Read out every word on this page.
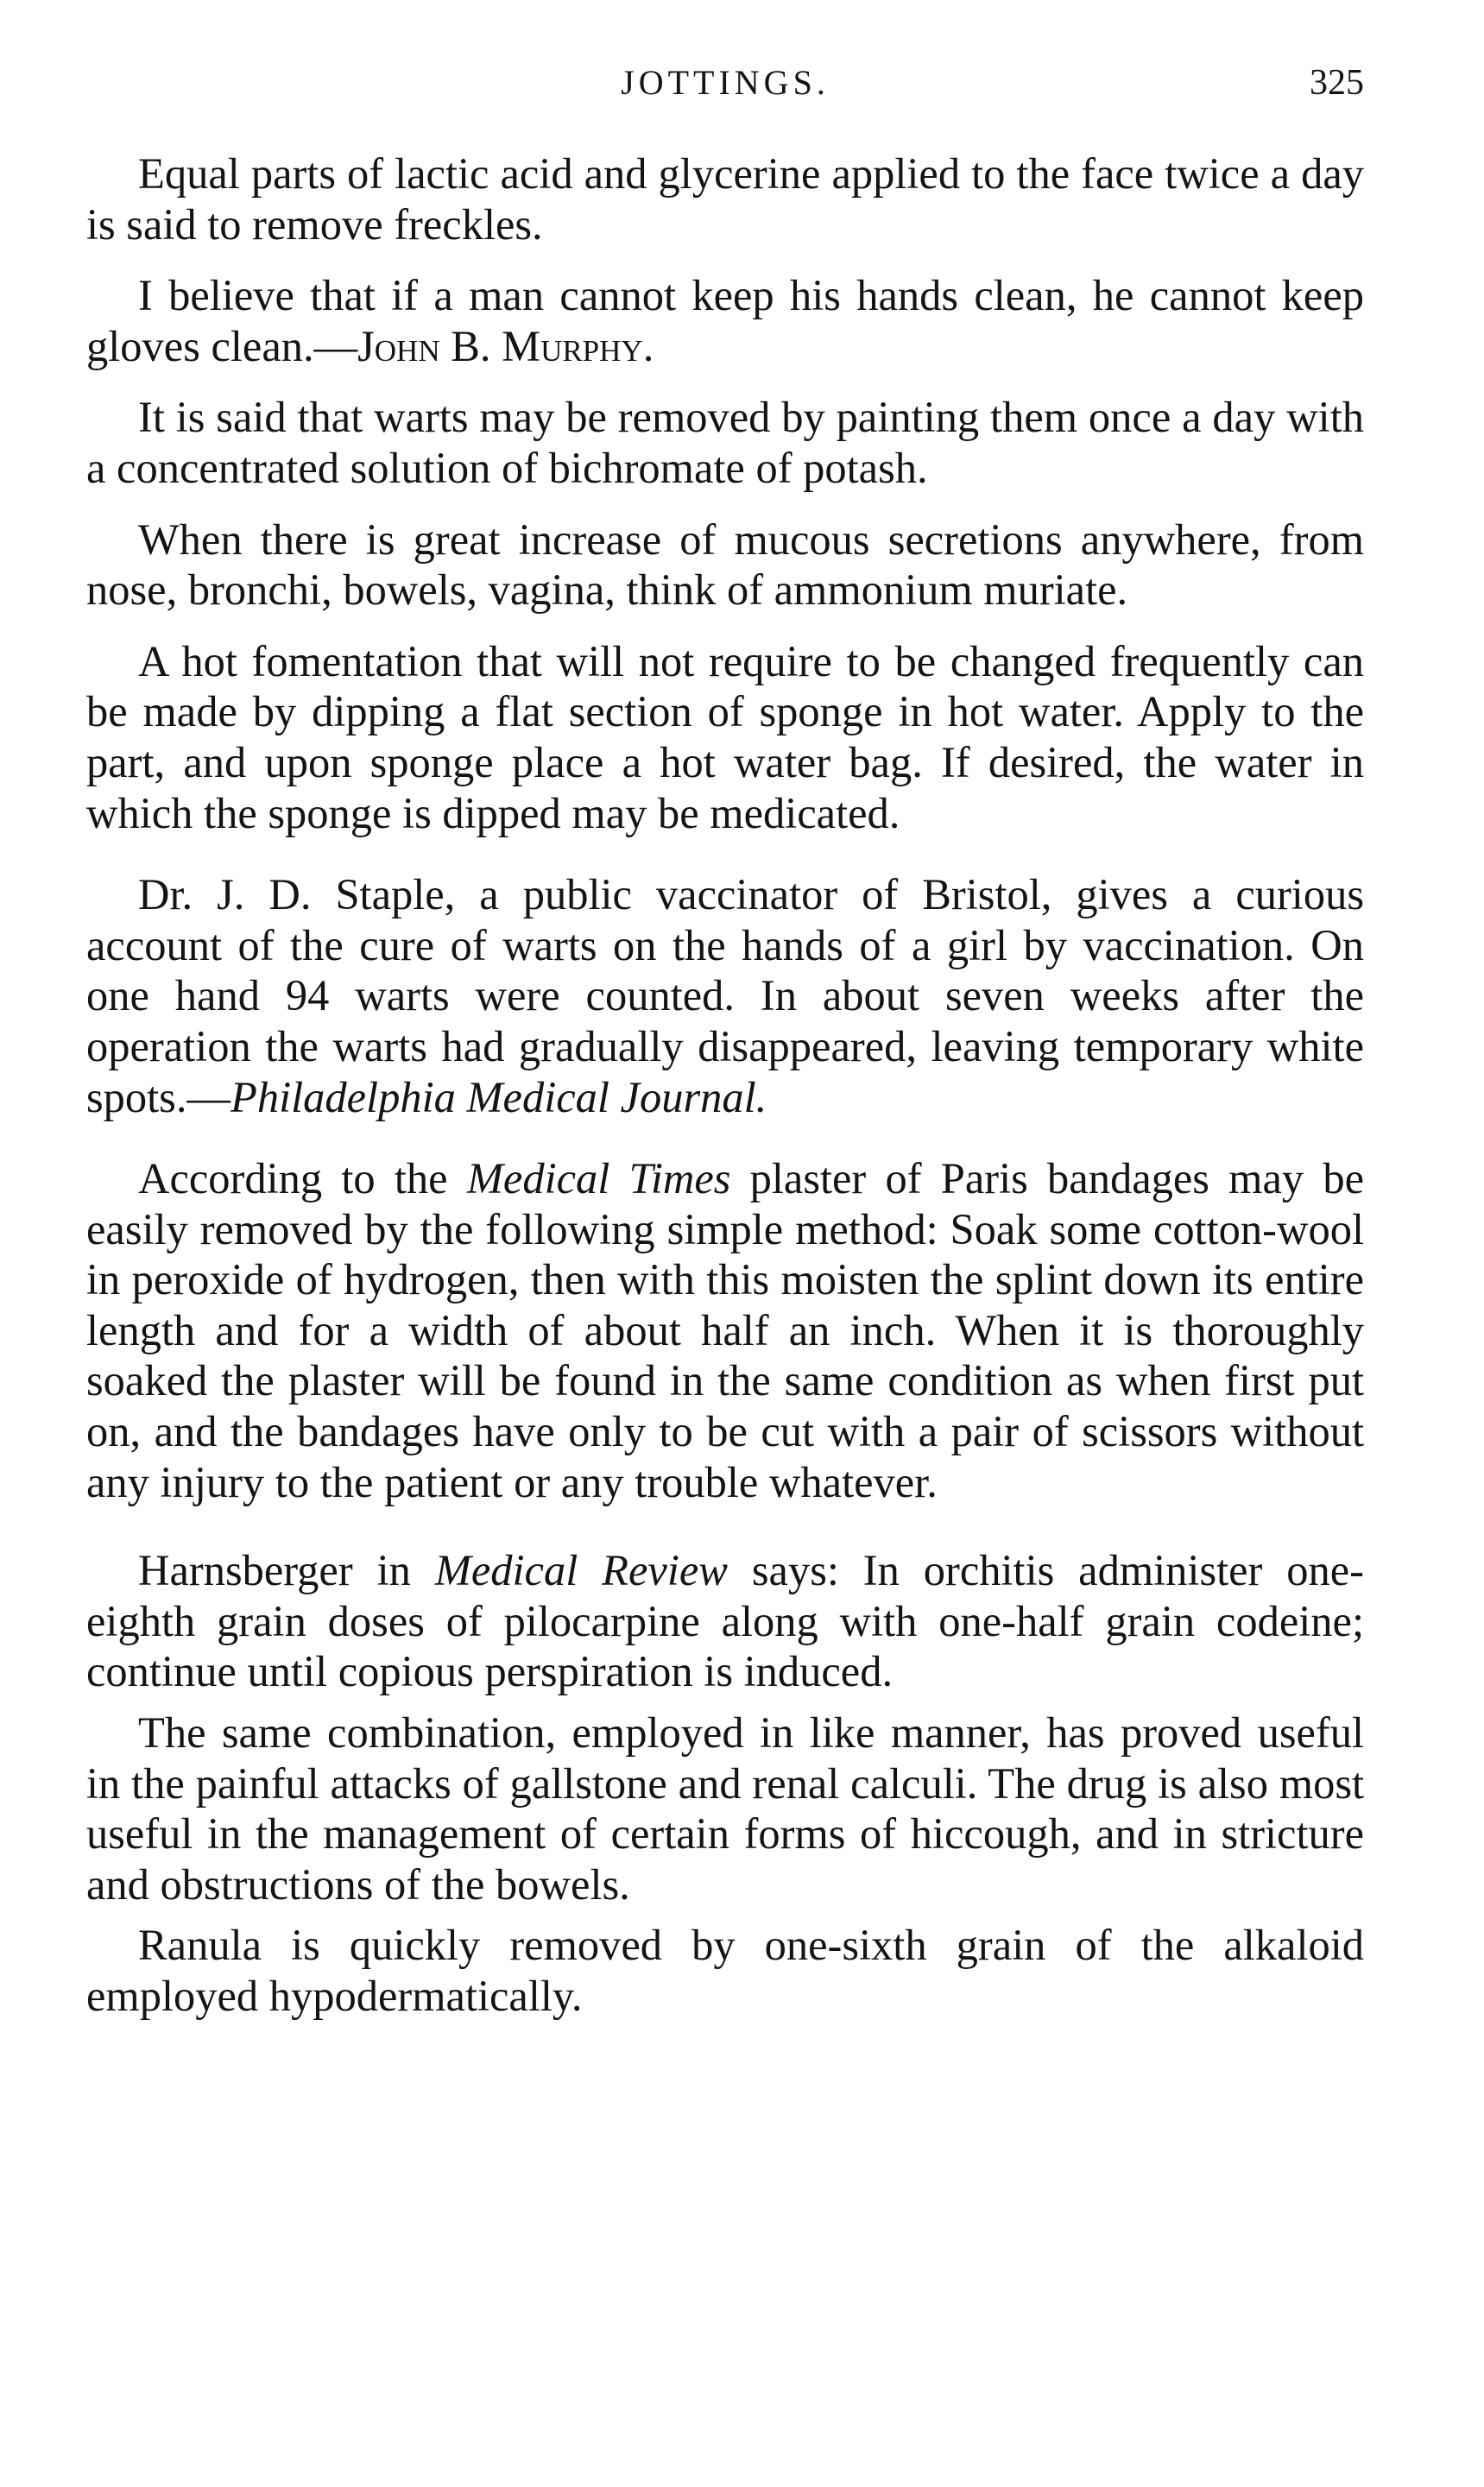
JOTTINGS.	325

Equal parts of lactic acid and glycerine applied to the face twice a day is said to remove freckles.

I believe that if a man cannot keep his hands clean, he cannot keep gloves clean.—John B. Murphy.

It is said that warts may be removed by painting them once a day with a concentrated solution of bichromate of potash.

When there is great increase of mucous secretions anywhere, from nose, bronchi, bowels, vagina, think of ammonium muriate.

A hot fomentation that will not require to be changed frequently can be made by dipping a flat section of sponge in hot water. Apply to the part, and upon sponge place a hot water bag. If desired, the water in which the sponge is dipped may be medicated.

Dr. J. D. Staple, a public vaccinator of Bristol, gives a curious account of the cure of warts on the hands of a girl by vaccination. On one hand 94 warts were counted. In about seven weeks after the operation the warts had gradually disappeared, leaving temporary white spots.—Philadelphia Medical Journal.

According to the Medical Times plaster of Paris bandages may be easily removed by the following simple method: Soak some cotton-wool in peroxide of hydrogen, then with this moisten the splint down its entire length and for a width of about half an inch. When it is thoroughly soaked the plaster will be found in the same condition as when first put on, and the bandages have only to be cut with a pair of scissors without any injury to the patient or any trouble whatever.

Harnsberger in Medical Review says: In orchitis administer one-eighth grain doses of pilocarpine along with one-half grain codeine; continue until copious perspiration is induced.

The same combination, employed in like manner, has proved useful in the painful attacks of gallstone and renal calculi. The drug is also most useful in the management of certain forms of hiccough, and in stricture and obstructions of the bowels.

Ranula is quickly removed by one-sixth grain of the alkaloid employed hypodermatically.
